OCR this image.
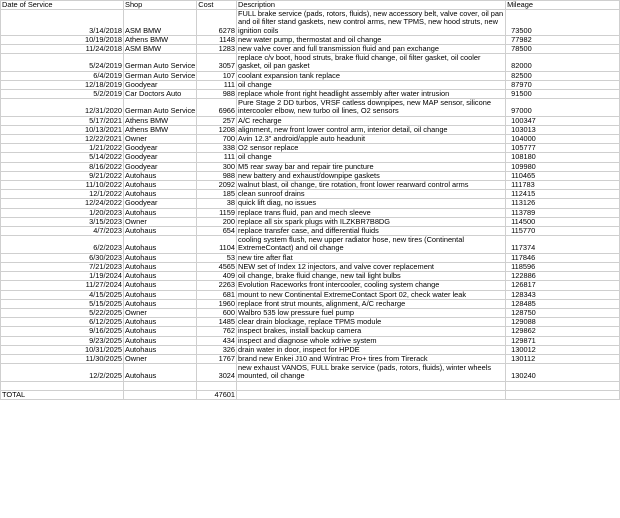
Date of Service	Shop	Cost	Description	Mileage
3/14/2018	ASM BMW	6278	FULL brake service (pads, rotors, fluids), new accessory belt, valve cover, oil pan and oil filter stand gaskets, new control arms, new TPMS, new hood struts, new ignition coils	73500
10/19/2018	Athens BMW	1148	new water pump, thermostat and oil change	77982
11/24/2018	ASM BMW	1283	new valve cover and full transmission fluid and pan exchange	78500
5/24/2019	German Auto Service	3057	replace c/v boot, hood struts, brake fluid change, oil filter gasket, oil cooler gasket, oil pan gasket	82000
6/4/2019	German Auto Service	107	coolant expansion tank replace	82500
12/18/2019	Goodyear	111	oil change	87970
5/2/2019	Car Doctors Auto	988	replace whole front right headlight assembly after water intrusion	91500
12/31/2020	German Auto Service	6966	Pure Stage 2 DD turbos, VRSF catless downpipes, new MAP sensor, silicone intercooler elbow, new turbo oil lines, O2 sensors	97000
5/17/2021	Athens BMW	257	A/C recharge	100347
10/13/2021	Athens BMW	1208	alignment, new front lower control arm, interior detail, oil change	103013
12/22/2021	Owner	700	Avin 12.3" android/apple auto headunit	104000
1/21/2022	Goodyear	338	O2 sensor replace	105777
5/14/2022	Goodyear	111	oil change	108180
8/16/2022	Goodyear	300	M5 rear sway bar and repair tire puncture	109980
9/21/2022	Autohaus	988	new battery and exhaust/downpipe gaskets	110465
11/10/2022	Autohaus	2092	walnut blast, oil change, tire rotation, front lower rearward control arms	111783
12/1/2022	Autohaus	185	clean sunroof drains	112415
12/24/2022	Goodyear	38	quick lift diag, no issues	113126
1/20/2023	Autohaus	1159	replace trans fluid, pan and mech sleeve	113789
3/15/2023	Owner	200	replace all six spark plugs with ILZKBR7B8DG	114500
4/7/2023	Autohaus	654	replace transfer case, and differential fluids	115770
6/2/2023	Autohaus	1104	cooling system flush, new upper radiator hose, new tires (Continental ExtremeContact) and oil change	117374
6/30/2023	Autohaus	53	new tire after flat	117846
7/21/2023	Autohaus	4565	NEW set of Index 12 injectors, and valve cover replacement	118596
1/19/2024	Autohaus	409	oil change, brake fluid change, new tail light bulbs	122886
11/27/2024	Autohaus	2263	Evolution Raceworks front intercooler, cooling system change	126817
4/15/2025	Autohaus	681	mount to new Continental ExtremeContact Sport 02, check water leak	128343
5/15/2025	Autohaus	1960	replace front strut mounts, alignment, A/C recharge	128485
5/22/2025	Owner	600	Walbro 535 low pressure fuel pump	128750
6/12/2025	Autohaus	1485	clear drain blockage, replace TPMS module	129088
9/16/2025	Autohaus	762	inspect brakes, install backup camera	129862
9/23/2025	Autohaus	434	inspect and diagnose whole xdrive system	129871
10/31/2025	Autohaus	326	drain water in door, inspect for HPDE	130012
11/30/2025	Owner	1767	brand new Enkei J10 and Wintrac Pro+ tires from Tirerack	130112
12/2/2025	Autohaus	3024	new exhaust VANOS, FULL brake service (pads, rotors, fluids), winter wheels mounted, oil change	130240

TOTAL		47601		
